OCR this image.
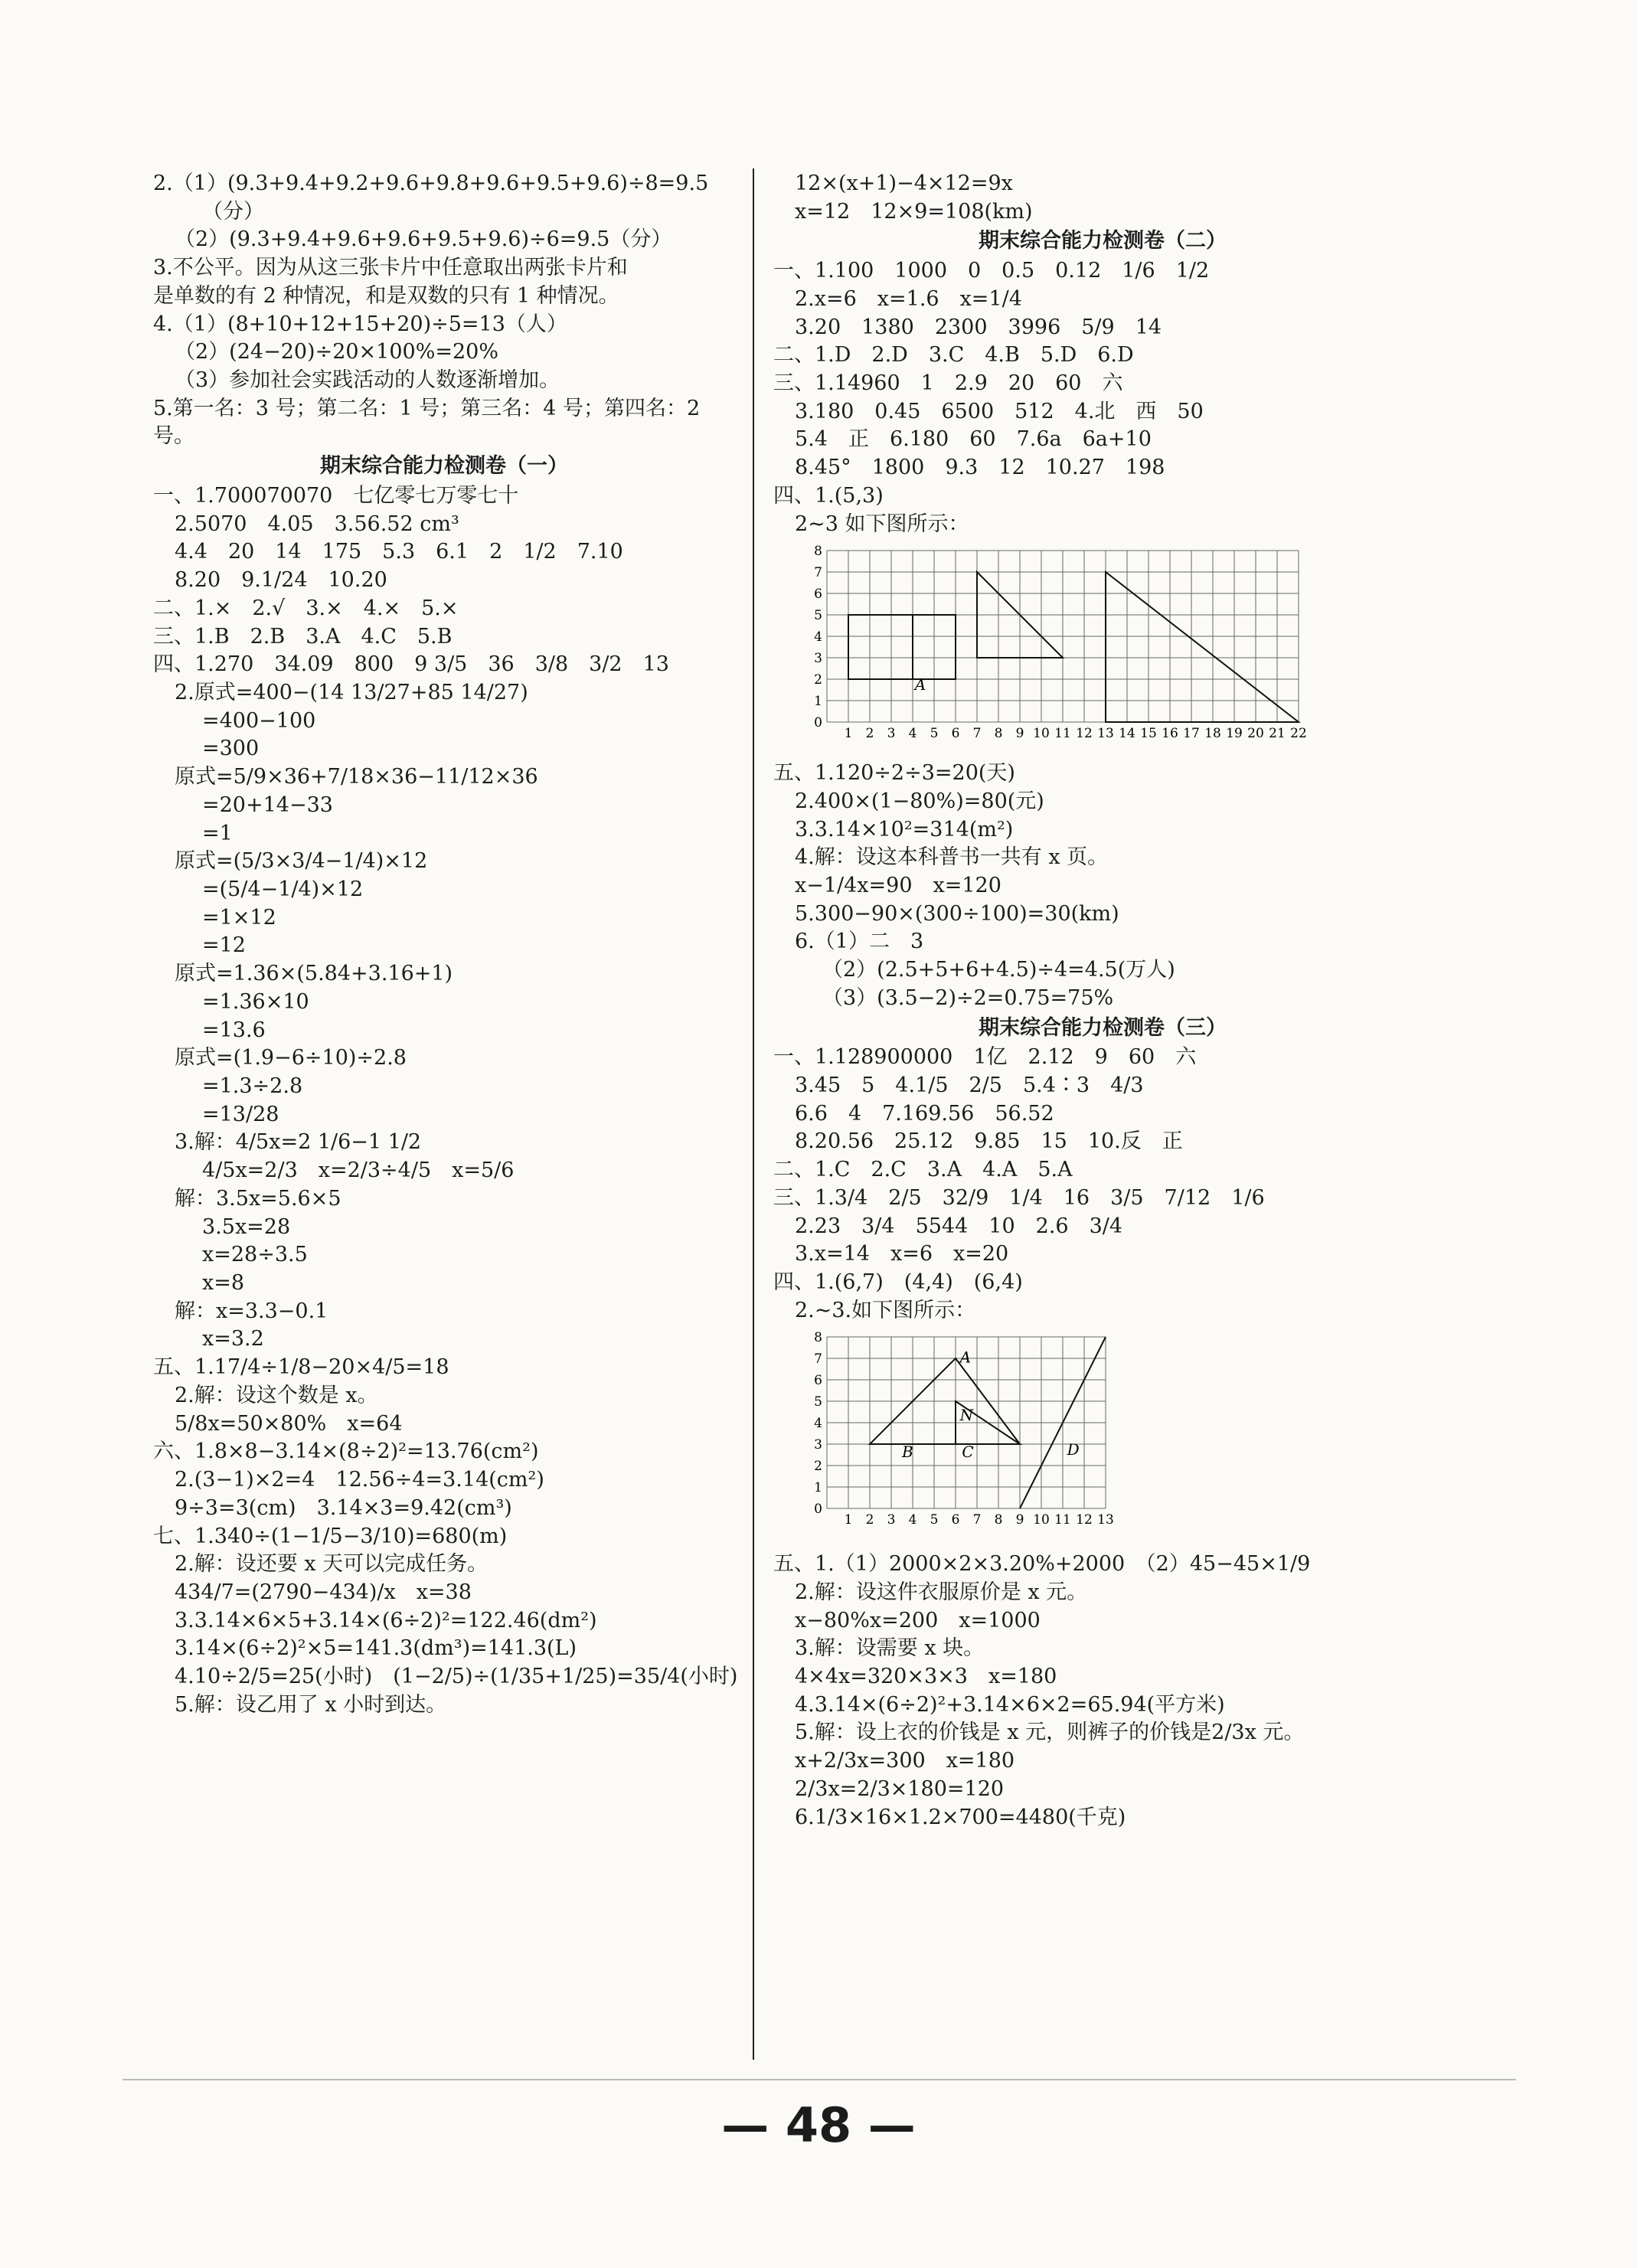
2.（1）(9.3+9.4+9.2+9.6+9.8+9.6+9.5+9.6)÷8=9.5
（分）
（2）(9.3+9.4+9.6+9.6+9.5+9.6)÷6=9.5（分）
3.不公平。因为从这三张卡片中任意取出两张卡片和
是单数的有 2 种情况，和是双数的只有 1 种情况。
4.（1）(8+10+12+15+20)÷5=13（人）
（2）(24−20)÷20×100%=20%
（3）参加社会实践活动的人数逐渐增加。
5.第一名：3 号；第二名：1 号；第三名：4 号；第四名：2
号。
期末综合能力检测卷（一）
一、1.700070070　七亿零七万零七十
2.5070　4.05　3.56.52 cm³
4.4　20　14　175　5.3　6.1　2　1/2　7.10
8.20　9.1/24　10.20
二、1.×　2.√　3.×　4.×　5.×
三、1.B　2.B　3.A　4.C　5.B
四、1.270　34.09　800　9 3/5　36　3/8　3/2　13
2.原式=400−(14 13/27+85 14/27)
=400−100
=300
原式=5/9×36+7/18×36−11/12×36
=20+14−33
=1
原式=(5/3×3/4−1/4)×12
=(5/4−1/4)×12
=1×12
=12
原式=1.36×(5.84+3.16+1)
=1.36×10
=13.6
原式=(1.9−6÷10)÷2.8
=1.3÷2.8
=13/28
3.解：4/5x=2 1/6−1 1/2
4/5x=2/3　x=2/3÷4/5　x=5/6
解：3.5x=5.6×5
3.5x=28
x=28÷3.5
x=8
解：x=3.3−0.1
x=3.2
五、1.17/4÷1/8−20×4/5=18
2.解：设这个数是 x。
5/8x=50×80%　x=64
六、1.8×8−3.14×(8÷2)²=13.76(cm²)
2.(3−1)×2=4　12.56÷4=3.14(cm²)
9÷3=3(cm)　3.14×3=9.42(cm³)
七、1.340÷(1−1/5−3/10)=680(m)
2.解：设还要 x 天可以完成任务。
434/7=(2790−434)/x　x=38
3.3.14×6×5+3.14×(6÷2)²=122.46(dm²)
3.14×(6÷2)²×5=141.3(dm³)=141.3(L)
4.10÷2/5=25(小时)　(1−2/5)÷(1/35+1/25)=35/4(小时)
5.解：设乙用了 x 小时到达。
12×(x+1)−4×12=9x
x=12　12×9=108(km)
期末综合能力检测卷（二）
一、1.100　1000　0　0.5　0.12　1/6　1/2
2.x=6　x=1.6　x=1/4
3.20　1380　2300　3996　5/9　14
二、1.D　2.D　3.C　4.B　5.D　6.D
三、1.14960　1　2.9　20　60　六
3.180　0.45　6500　512　4.北　西　50
5.4　正　6.180　60　7.6a　6a+10
8.45°　1800　9.3　12　10.27　198
四、1.(5,3)
2~3 如下图所示：
1 2 3 4 5 6 7 8 9 10 11 12 13 14 15 16 17 18 19 20 21 22
0
1
2
3
4
5
6
7
8
A
五、1.120÷2÷3=20(天)
2.400×(1−80%)=80(元)
3.3.14×10²=314(m²)
4.解：设这本科普书一共有 x 页。
x−1/4x=90　x=120
5.300−90×(300÷100)=30(km)
6.（1）二　3
（2）(2.5+5+6+4.5)÷4=4.5(万人)
（3）(3.5−2)÷2=0.75=75%
期末综合能力检测卷（三）
一、1.128900000　1亿　2.12　9　60　六
3.45　5　4.1/5　2/5　5.4∶3　4/3
6.6　4　7.169.56　56.52
8.20.56　25.12　9.85　15　10.反　正
二、1.C　2.C　3.A　4.A　5.A
三、1.3/4　2/5　32/9　1/4　16　3/5　7/12　1/6
2.23　3/4　5544　10　2.6　3/4
3.x=14　x=6　x=20
四、1.(6,7)　(4,4)　(6,4)
2.~3.如下图所示：
1 2 3 4 5 6 7 8 9 10 11 12 13
0
1
2
3
4
5
6
7
8
A
N
B	C	D
五、1.（1）2000×2×3.20%+2000　（2）45−45×1/9
2.解：设这件衣服原价是 x 元。
x−80%x=200　x=1000
3.解：设需要 x 块。
4×4x=320×3×3　x=180
4.3.14×(6÷2)²+3.14×6×2=65.94(平方米)
5.解：设上衣的价钱是 x 元，则裤子的价钱是2/3x 元。
x+2/3x=300　x=180
2/3x=2/3×180=120
6.1/3×16×1.2×700=4480(千克)
— 48 —
